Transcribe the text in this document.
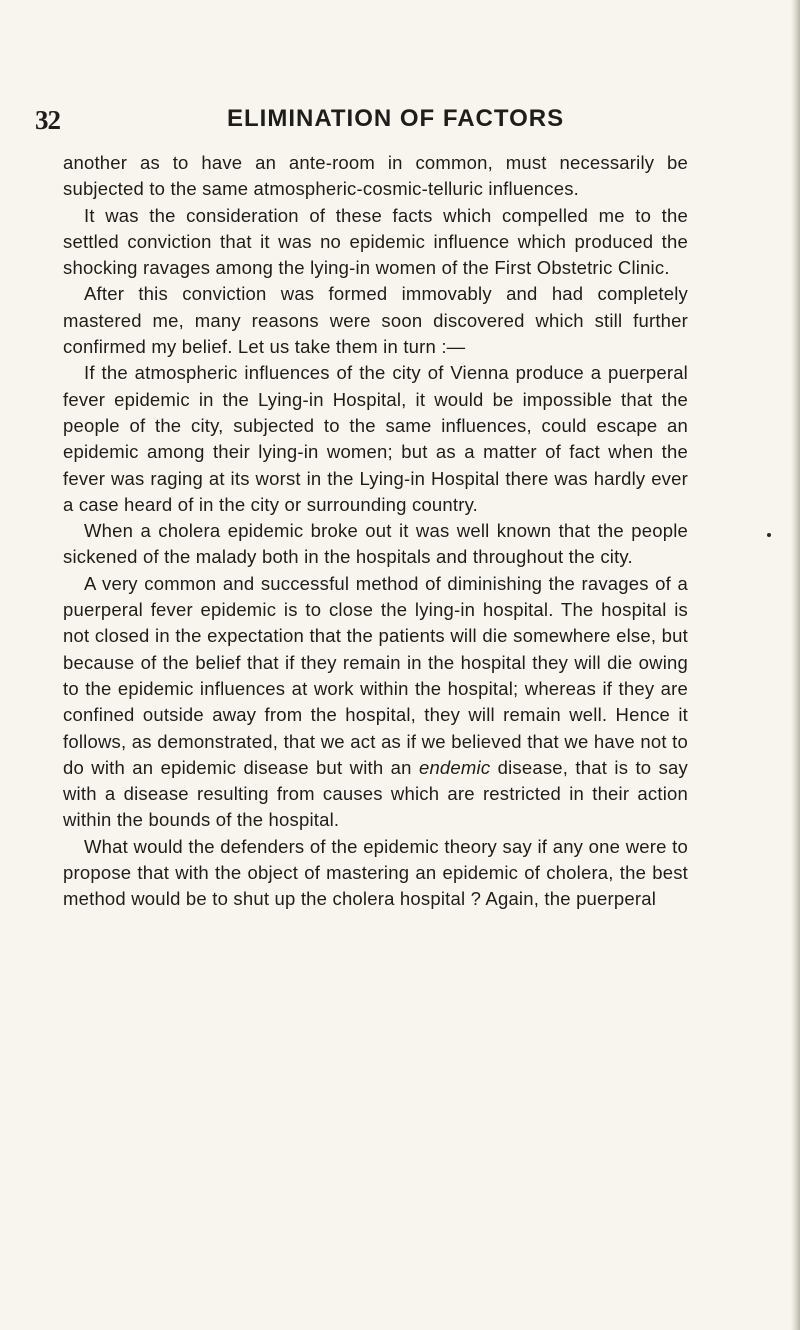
32	ELIMINATION OF FACTORS

another as to have an ante-room in common, must necessarily be subjected to the same atmospheric-cosmic-telluric influences.

It was the consideration of these facts which compelled me to the settled conviction that it was no epidemic influence which produced the shocking ravages among the lying-in women of the First Obstetric Clinic.

After this conviction was formed immovably and had completely mastered me, many reasons were soon discovered which still further confirmed my belief. Let us take them in turn :—

If the atmospheric influences of the city of Vienna produce a puerperal fever epidemic in the Lying-in Hospital, it would be impossible that the people of the city, subjected to the same influences, could escape an epidemic among their lying-in women; but as a matter of fact when the fever was raging at its worst in the Lying-in Hospital there was hardly ever a case heard of in the city or surrounding country.

When a cholera epidemic broke out it was well known that the people sickened of the malady both in the hospitals and throughout the city.

A very common and successful method of diminishing the ravages of a puerperal fever epidemic is to close the lying-in hospital. The hospital is not closed in the expectation that the patients will die somewhere else, but because of the belief that if they remain in the hospital they will die owing to the epidemic influences at work within the hospital; whereas if they are confined outside away from the hospital, they will remain well. Hence it follows, as demonstrated, that we act as if we believed that we have not to do with an epidemic disease but with an endemic disease, that is to say with a disease resulting from causes which are restricted in their action within the bounds of the hospital.

What would the defenders of the epidemic theory say if any one were to propose that with the object of mastering an epidemic of cholera, the best method would be to shut up the cholera hospital ? Again, the puerperal
